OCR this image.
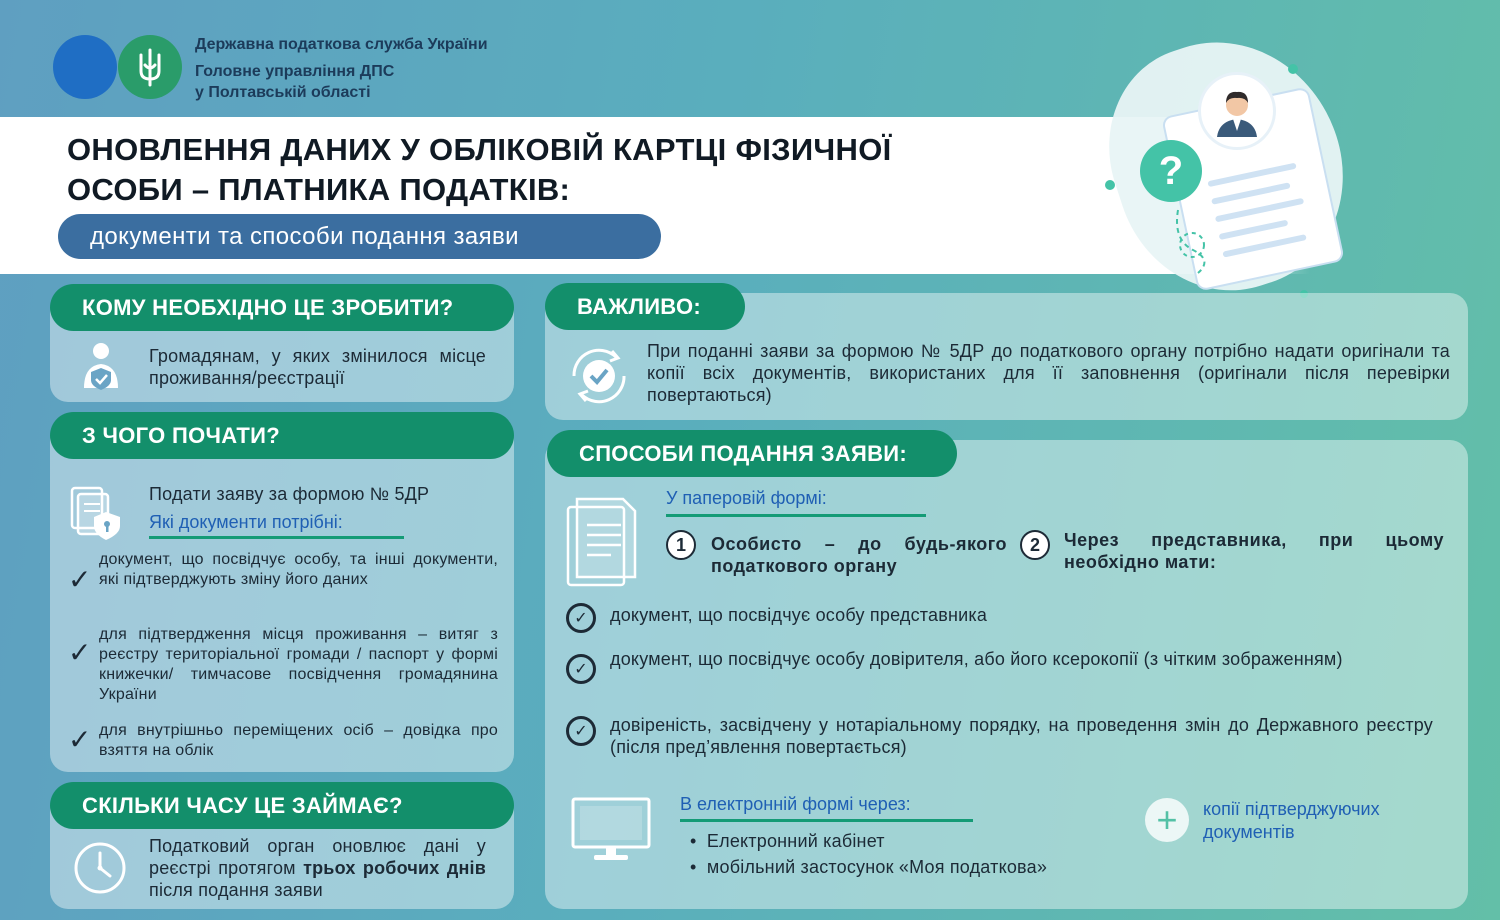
Державна податкова служба України
Головне управління ДПС
у Полтавській області
ОНОВЛЕННЯ ДАНИХ У ОБЛІКОВІЙ КАРТЦІ ФІЗИЧНОЇ
ОСОБИ – ПЛАТНИКА ПОДАТКІВ:
документи та способи подання заяви
?
КОМУ НЕОБХІДНО ЦЕ ЗРОБИТИ?
Громадянам, у яких змінилося місце проживання/реєстрації
З ЧОГО ПОЧАТИ?
Подати заяву за формою № 5ДР
Які документи потрібні:
✓
документ, що посвідчує особу, та інші документи, які підтверджують зміну його даних
✓
для підтвердження місця проживання – витяг з реєстру територіальної громади / паспорт у формі книжечки/ тимчасове посвідчення громадянина України
✓ для внутрішньо переміщених осіб – довідка про взяття на облік
СКІЛЬКИ ЧАСУ ЦЕ ЗАЙМАЄ?
Податковий орган оновлює дані у реєстрі протягом трьох робочих днів після подання заяви
ВАЖЛИВО:
При поданні заяви за формою № 5ДР до податкового органу потрібно надати оригінали та копії всіх документів, використаних для її заповнення (оригінали після перевірки повертаються)
СПОСОБИ ПОДАННЯ ЗАЯВИ:
У паперовій формі:
1	Особисто – до будь-якого податкового органу
2	Через представника, при цьому необхідно мати:
✓	документ, що посвідчує особу представника
✓
документ, що посвідчує особу довірителя, або його ксерокопії (з чітким зображенням)
✓	довіреність, засвідчену у нотаріальному порядку, на проведення змін до Державного реєстру (після пред’явлення повертається)
В електронній формі через:
•  Електронний кабінет
•  мобільний застосунок «Моя податкова»
+	копії підтверджуючих документів
